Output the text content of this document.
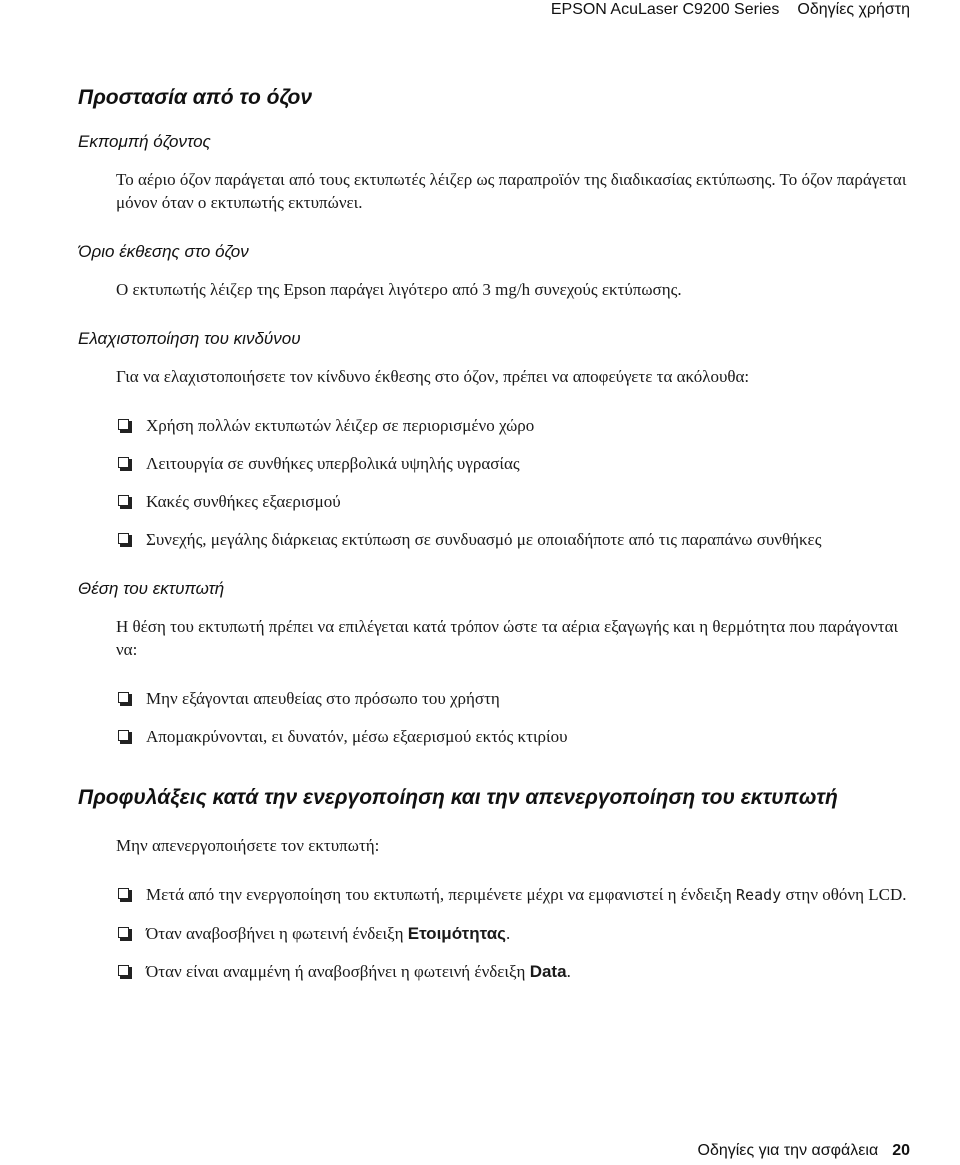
EPSON AcuLaser C9200 Series Οδηγίες χρήστη
Προστασία από το όζον
Εκπομπή όζοντος
Το αέριο όζον παράγεται από τους εκτυπωτές λέιζερ ως παραπροϊόν της διαδικασίας εκτύπωσης. Το όζον παράγεται μόνον όταν ο εκτυπωτής εκτυπώνει.
Όριο έκθεσης στο όζον
Ο εκτυπωτής λέιζερ της Epson παράγει λιγότερο από 3 mg/h συνεχούς εκτύπωσης.
Ελαχιστοποίηση του κινδύνου
Για να ελαχιστοποιήσετε τον κίνδυνο έκθεσης στο όζον, πρέπει να αποφεύγετε τα ακόλουθα:
Χρήση πολλών εκτυπωτών λέιζερ σε περιορισμένο χώρο
Λειτουργία σε συνθήκες υπερβολικά υψηλής υγρασίας
Κακές συνθήκες εξαερισμού
Συνεχής, μεγάλης διάρκειας εκτύπωση σε συνδυασμό με οποιαδήποτε από τις παραπάνω συνθήκες
Θέση του εκτυπωτή
Η θέση του εκτυπωτή πρέπει να επιλέγεται κατά τρόπον ώστε τα αέρια εξαγωγής και η θερμότητα που παράγονται να:
Μην εξάγονται απευθείας στο πρόσωπο του χρήστη
Απομακρύνονται, ει δυνατόν, μέσω εξαερισμού εκτός κτιρίου
Προφυλάξεις κατά την ενεργοποίηση και την απενεργοποίηση του εκτυπωτή
Μην απενεργοποιήσετε τον εκτυπωτή:
Μετά από την ενεργοποίηση του εκτυπωτή, περιμένετε μέχρι να εμφανιστεί η ένδειξη Ready στην οθόνη LCD.
Όταν αναβοσβήνει η φωτεινή ένδειξη Ετοιμότητας.
Όταν είναι αναμμένη ή αναβοσβήνει η φωτεινή ένδειξη Data.
Οδηγίες για την ασφάλεια 20
